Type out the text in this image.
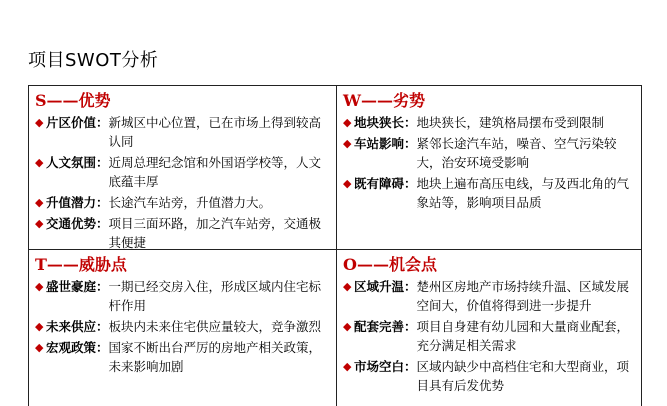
项目SWOT分析
S——优势
◆ 片区价值： 新城区中心位置，已在市场上得到较高认同
◆ 人文氛围： 近周总理纪念馆和外国语学校等，人文底蕴丰厚
◆ 升值潜力： 长途汽车站旁，升值潜力大。
◆ 交通优势： 项目三面环路，加之汽车站旁，交通极其便捷
W——劣势
◆ 地块狭长： 地块狭长，建筑格局摆布受到限制
◆ 车站影响： 紧邻长途汽车站，噪音、空气污染较大，治安环境受影响
◆ 既有障碍： 地块上遍布高压电线，与及西北角的气象站等，影响项目品质
T——威胁点
◆ 盛世豪庭： 一期已经交房入住，形成区域内住宅标杆作用
◆ 未来供应： 板块内未来住宅供应量较大，竞争激烈
◆ 宏观政策： 国家不断出台严厉的房地产相关政策，未来影响加剧
O——机会点
◆ 区域升温： 楚州区房地产市场持续升温、区域发展空间大，价值将得到进一步提升
◆ 配套完善： 项目自身建有幼儿园和大量商业配套，充分满足相关需求
◆ 市场空白： 区域内缺少中高档住宅和大型商业，项目具有后发优势
